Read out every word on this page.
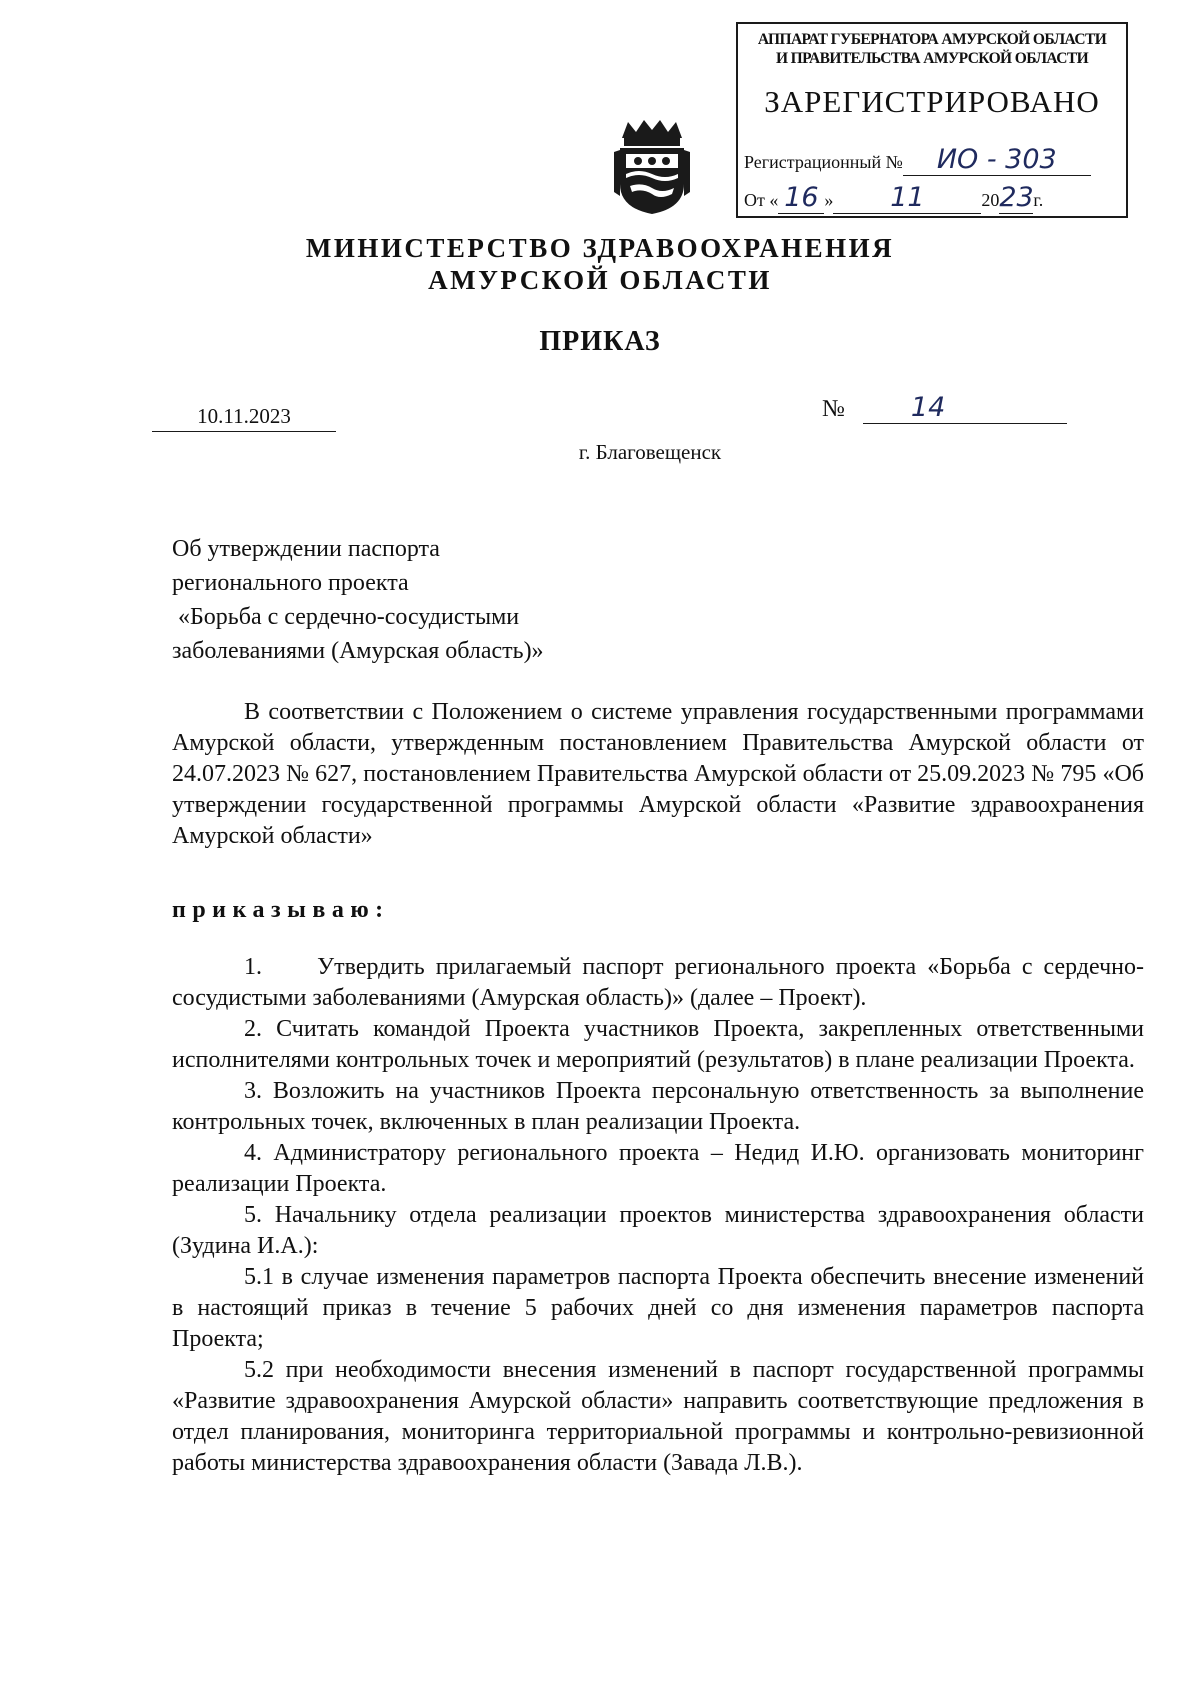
АППАРАТ ГУБЕРНАТОРА АМУРСКОЙ ОБЛАСТИ
И ПРАВИТЕЛЬСТВА АМУРСКОЙ ОБЛАСТИ
ЗАРЕГИСТРИРОВАНО
Регистрационный № ИО - 303
От « 16 » 11	2023г.
МИНИСТЕРСТВО ЗДРАВООХРАНЕНИЯ
АМУРСКОЙ ОБЛАСТИ
ПРИКАЗ
10.11.2023	№ 14
г. Благовещенск
Об утверждении паспорта
регионального проекта
«Борьба с сердечно-сосудистыми
заболеваниями (Амурская область)»

В соответствии с Положением о системе управления государственными программами Амурской области, утвержденным постановлением Правительства Амурской области от 24.07.2023 № 627, постановлением Правительства Амурской области от 25.09.2023 № 795 «Об утверждении государственной программы Амурской области «Развитие здравоохранения Амурской области»

приказываю:

1.     Утвердить прилагаемый паспорт регионального проекта «Борьба с сердечно-сосудистыми заболеваниями (Амурская область)» (далее – Проект).

2. Считать командой Проекта участников Проекта, закрепленных ответственными исполнителями контрольных точек и мероприятий (результатов) в плане реализации Проекта.

3. Возложить на участников Проекта персональную ответственность за выполнение контрольных точек, включенных в план реализации Проекта.

4. Администратору регионального проекта – Недид И.Ю. организовать мониторинг реализации Проекта.

5. Начальнику отдела реализации проектов министерства здравоохранения области (Зудина И.А.):

5.1 в случае изменения параметров паспорта Проекта обеспечить внесение изменений в настоящий приказ в течение 5 рабочих дней со дня изменения параметров паспорта Проекта;

5.2 при необходимости внесения изменений в паспорт государственной программы «Развитие здравоохранения Амурской области» направить соответствующие предложения в отдел планирования, мониторинга территориальной программы и контрольно-ревизионной работы министерства здравоохранения области (Завада Л.В.).
